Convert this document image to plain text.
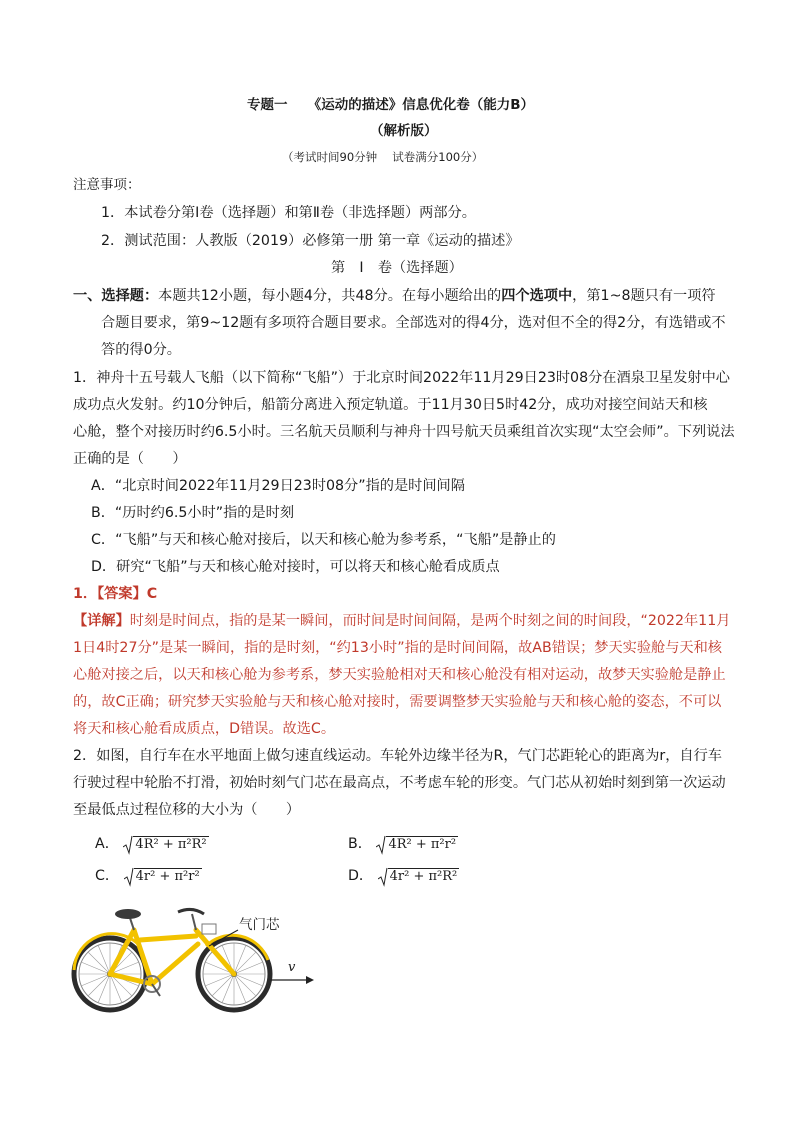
专题一　　《运动的描述》信息优化卷（能力B）
（解析版）
（考试时间90分钟　 试卷满分100分）
注意事项：
1．本试卷分第Ⅰ卷（选择题）和第Ⅱ卷（非选择题）两部分。
2．测试范围：人教版（2019）必修第一册 第一章《运动的描述》
第　Ⅰ　卷（选择题）
一、选择题：本题共12小题，每小题4分，共48分。在每小题给出的四个选项中，第1~8题只有一项符
合题目要求，第9~12题有多项符合题目要求。全部选对的得4分，选对但不全的得2分，有选错或不
答的得0分。
1．神舟十五号载人飞船（以下简称“飞船”）于北京时间2022年11月29日23时08分在酒泉卫星发射中心
成功点火发射。约10分钟后，船箭分离进入预定轨道。于11月30日5时42分，成功对接空间站天和核
心舱，整个对接历时约6.5小时。三名航天员顺利与神舟十四号航天员乘组首次实现“太空会师”。下列说法
正确的是（　　）
A．“北京时间2022年11月29日23时08分”指的是时间间隔
B．“历时约6.5小时”指的是时刻
C．“飞船”与天和核心舱对接后，以天和核心舱为参考系，“飞船”是静止的
D．研究“飞船”与天和核心舱对接时，可以将天和核心舱看成质点
1．【答案】C
【详解】时刻是时间点，指的是某一瞬间，而时间是时间间隔，是两个时刻之间的时间段，“2022年11月
1日4时27分”是某一瞬间，指的是时刻，“约13小时”指的是时间间隔，故AB错误；梦天实验舱与天和核
心舱对接之后，以天和核心舱为参考系，梦天实验舱相对天和核心舱没有相对运动，故梦天实验舱是静止
的，故C正确；研究梦天实验舱与天和核心舱对接时，需要调整梦天实验舱与天和核心舱的姿态，不可以
将天和核心舱看成质点，D错误。故选C。
2．如图，自行车在水平地面上做匀速直线运动。车轮外边缘半径为R，气门芯距轮心的距离为r，自行车
行驶过程中轮胎不打滑，初始时刻气门芯在最高点，不考虑车轮的形变。气门芯从初始时刻到第一次运动
至最低点过程位移的大小为（　　）
A． 4R² + π²R²	B． 4R² + π²r²
C． 4r² + π²r²	D． 4r² + π²R²
气门芯
v
